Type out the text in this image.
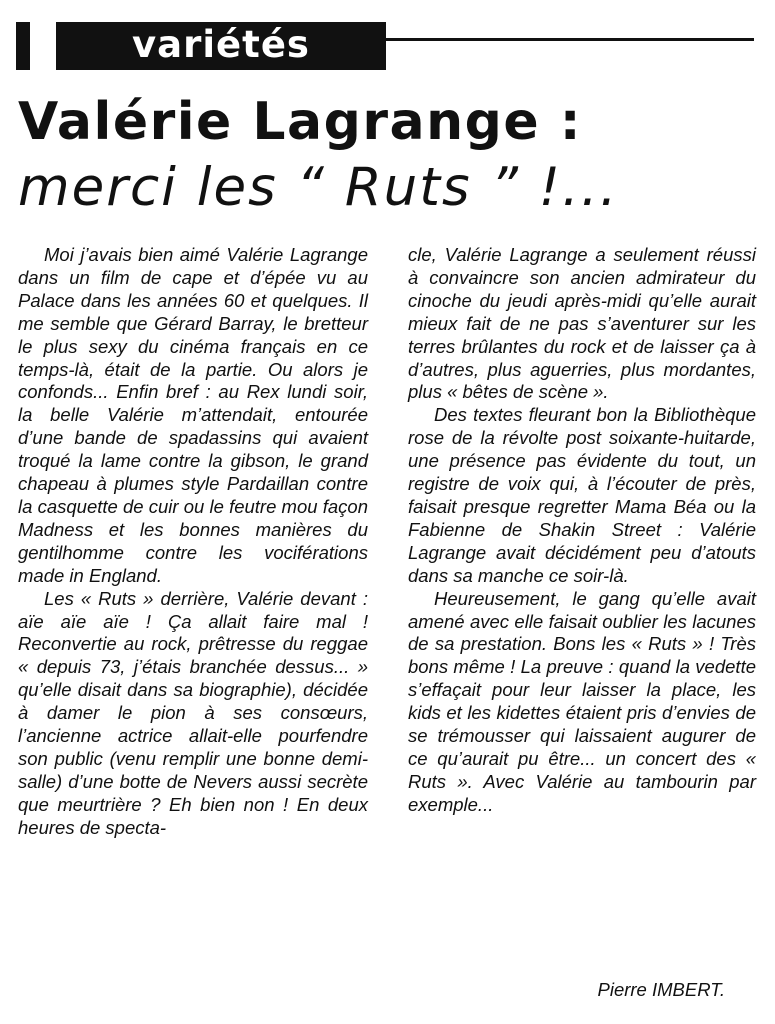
variétés
Valérie Lagrange :
merci les “ Ruts ” !...

Moi j’avais bien aimé Valérie Lagrange dans un film de cape et d’épée vu au Palace dans les années 60 et quelques. Il me semble que Gérard Barray, le bretteur le plus sexy du cinéma français en ce temps-là, était de la partie. Ou alors je confonds... Enfin bref : au Rex lundi soir, la belle Valérie m’attendait, entourée d’une bande de spadassins qui avaient troqué la lame contre la gibson, le grand chapeau à plumes style Pardaillan contre la casquette de cuir ou le feutre mou façon Madness et les bonnes manières du gentilhomme contre les vociférations made in England.

Les « Ruts » derrière, Valérie devant : aïe aïe aïe ! Ça allait faire mal ! Reconvertie au rock, prêtresse du reggae « depuis 73, j’étais branchée dessus... » qu’elle disait dans sa biographie), décidée à damer le pion à ses consœurs, l’ancienne actrice allait-elle pourfendre son public (venu remplir une bonne demi-salle) d’une botte de Nevers aussi secrète que meurtrière ? Eh bien non ! En deux heures de specta-

cle, Valérie Lagrange a seulement réussi à convaincre son ancien admirateur du cinoche du jeudi après-midi qu’elle aurait mieux fait de ne pas s’aventurer sur les terres brûlantes du rock et de laisser ça à d’autres, plus aguerries, plus mordantes, plus « bêtes de scène ».

Des textes fleurant bon la Bibliothèque rose de la révolte post soixante-huitarde, une présence pas évidente du tout, un registre de voix qui, à l’écouter de près, faisait presque regretter Mama Béa ou la Fabienne de Shakin Street : Valérie Lagrange avait décidément peu d’atouts dans sa manche ce soir-là.

Heureusement, le gang qu’elle avait amené avec elle faisait oublier les lacunes de sa prestation. Bons les « Ruts » ! Très bons même ! La preuve : quand la vedette s’effaçait pour leur laisser la place, les kids et les kidettes étaient pris d’envies de se trémousser qui laissaient augurer de ce qu’aurait pu être... un concert des « Ruts ». Avec Valérie au tambourin par exemple...

Pierre IMBERT.
